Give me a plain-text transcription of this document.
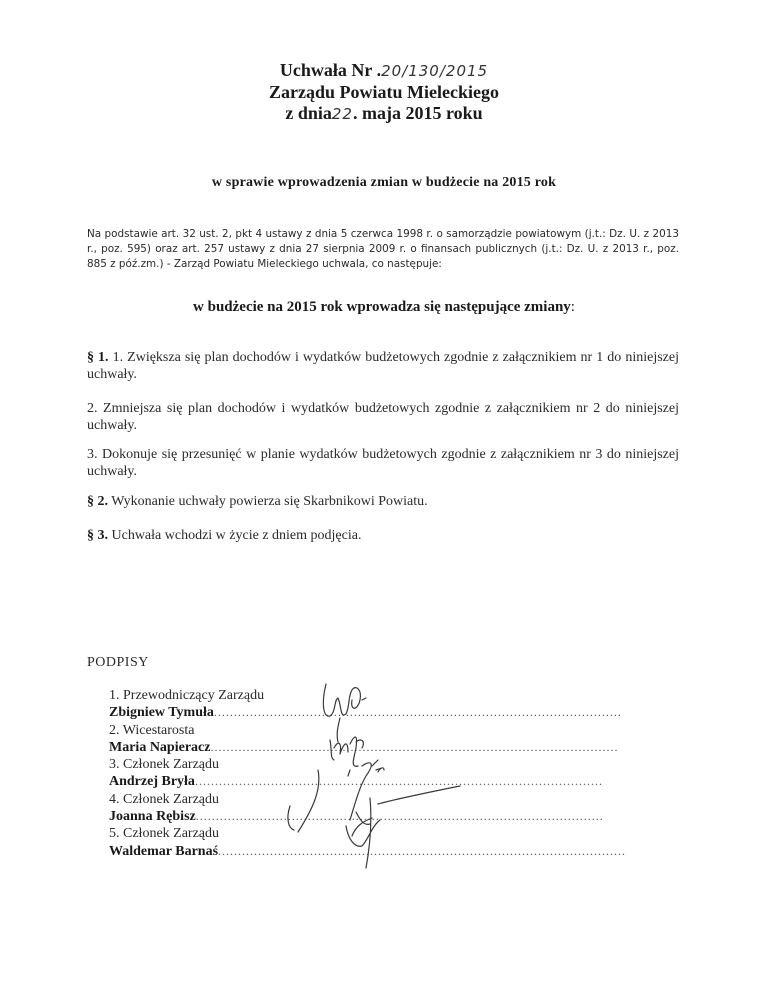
Uchwała Nr .20/130/2015
Zarządu Powiatu Mieleckiego
z dnia22. maja 2015 roku
w sprawie wprowadzenia zmian w budżecie na 2015 rok
Na podstawie art. 32 ust. 2, pkt 4 ustawy z dnia 5 czerwca 1998 r. o samorządzie powiatowym (j.t.: Dz. U. z 2013 r., poz. 595) oraz art. 257 ustawy z dnia 27 sierpnia 2009 r. o finansach publicznych (j.t.: Dz. U. z 2013 r., poz. 885 z póź.zm.) - Zarząd Powiatu Mieleckiego uchwala, co następuje:
w budżecie na 2015 rok wprowadza się następujące zmiany:
§ 1. 1. Zwiększa się plan dochodów i wydatków budżetowych zgodnie z załącznikiem nr 1 do niniejszej uchwały.
2. Zmniejsza się plan dochodów i wydatków budżetowych zgodnie z załącznikiem nr 2 do niniejszej uchwały.
3. Dokonuje się przesunięć w planie wydatków budżetowych zgodnie z załącznikiem nr 3 do niniejszej uchwały.
§ 2. Wykonanie uchwały powierza się Skarbnikowi Powiatu.
§ 3. Uchwała wchodzi w życie z dniem podjęcia.
PODPISY
1. Przewodniczący Zarządu
Zbigniew Tymuła ......................................................................................................
2. Wicestarosta
Maria Napieracz ......................................................................................................
3. Członek Zarządu
Andrzej Bryła ......................................................................................................
4. Członek Zarządu
Joanna Rębisz ......................................................................................................
5. Członek Zarządu
Waldemar Barnaś ......................................................................................................
